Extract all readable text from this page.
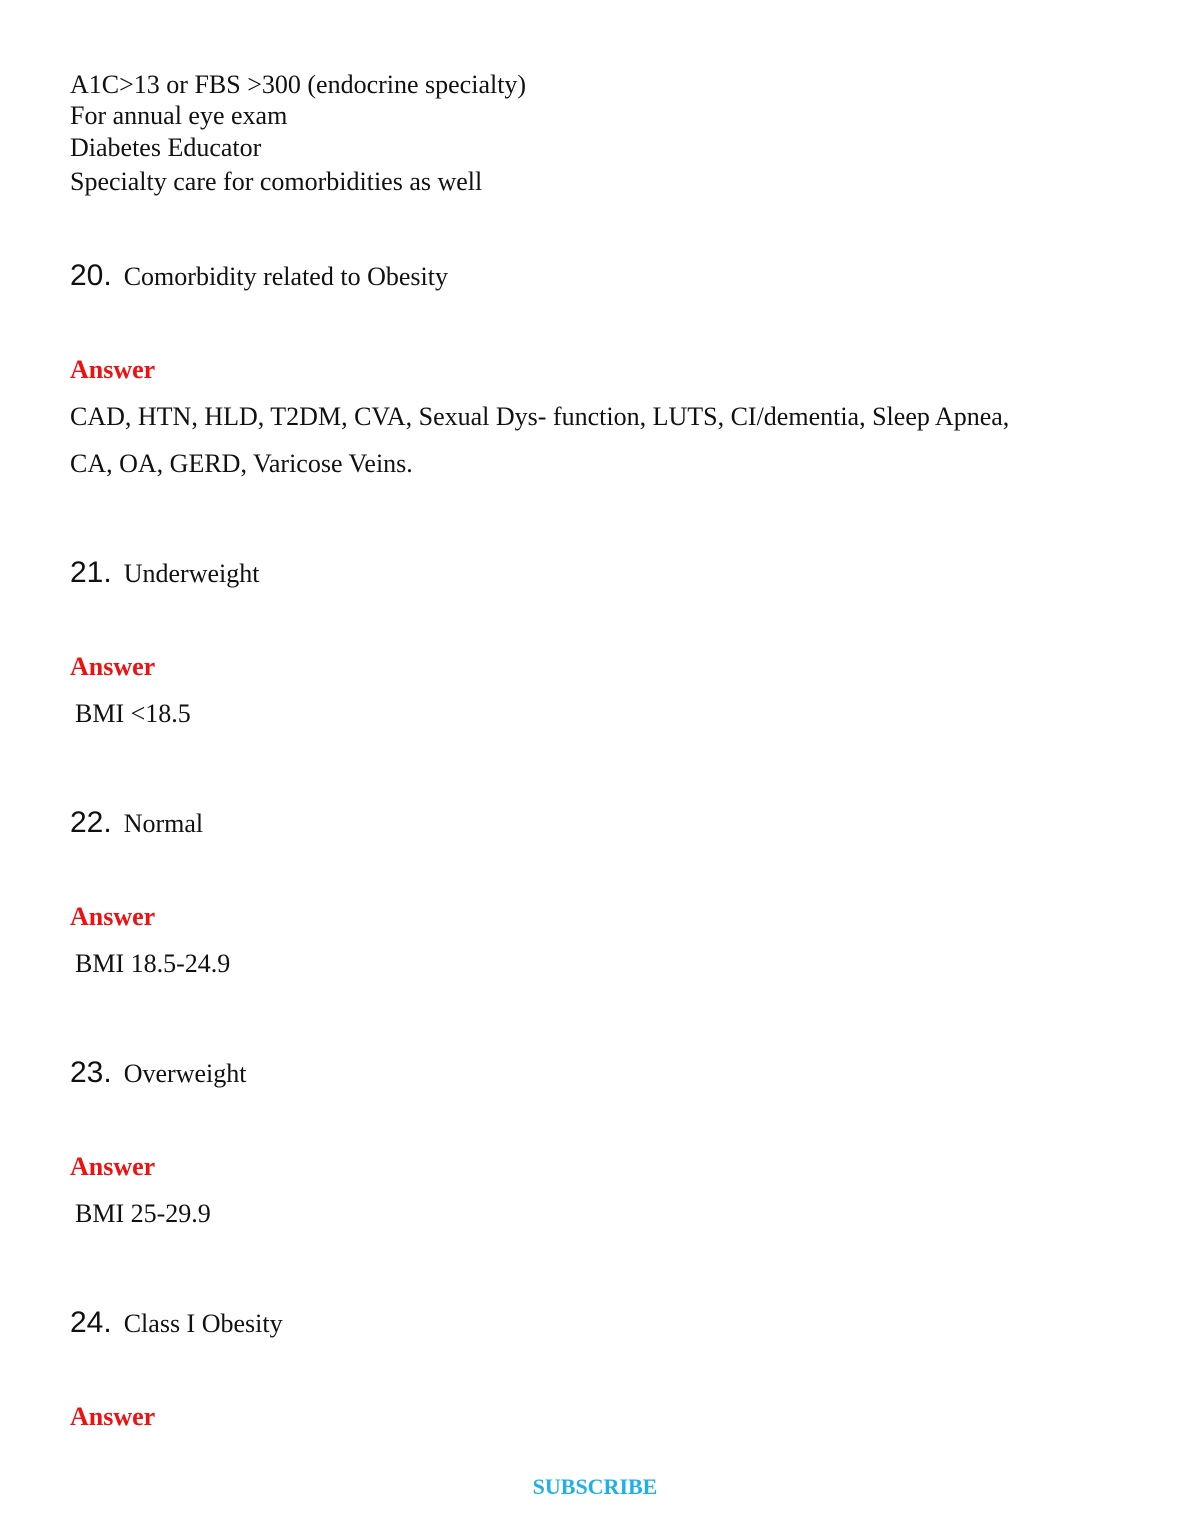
A1C>13 or FBS >300 (endocrine specialty)
For annual eye exam
Diabetes Educator
Specialty care for comorbidities as well
20. Comorbidity related to Obesity
Answer
CAD, HTN, HLD, T2DM, CVA, Sexual Dys- function, LUTS, CI/dementia, Sleep Apnea,
CA, OA, GERD, Varicose Veins.
21. Underweight
Answer
BMI <18.5
22. Normal
Answer
BMI 18.5-24.9
23. Overweight
Answer
BMI 25-29.9
24. Class I Obesity
Answer
SUBSCRIBE
